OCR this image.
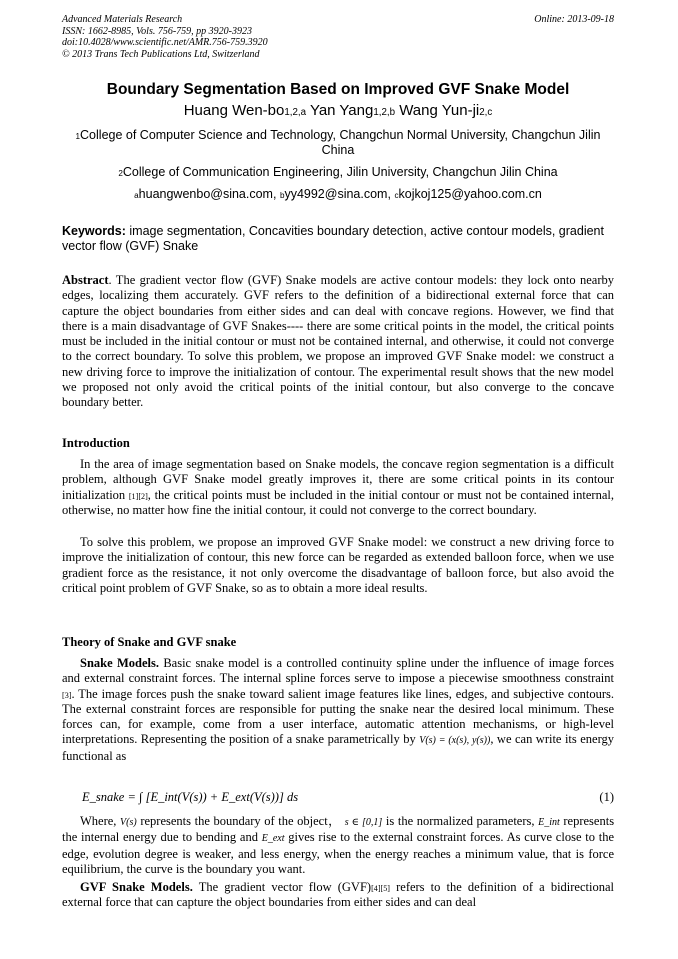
Advanced Materials Research
ISSN: 1662-8985, Vols. 756-759, pp 3920-3923
doi:10.4028/www.scientific.net/AMR.756-759.3920
© 2013 Trans Tech Publications Ltd, Switzerland
Online: 2013-09-18
Boundary Segmentation Based on Improved GVF Snake Model
Huang Wen-bo$^{1,2,a}$ Yan Yang$^{1,2,b}$ Wang Yun-ji$^{2,c}$
$^1$College of Computer Science and Technology, Changchun Normal University, Changchun Jilin
China
$^2$College of Communication Engineering, Jilin University, Changchun Jilin China
$^a$huangwenbo@sina.com, $^b$yy4992@sina.com, $^c$kojkoj125@yahoo.com.cn
Keywords: image segmentation, Concavities boundary detection, active contour models, gradient vector flow (GVF) Snake
Abstract. The gradient vector flow (GVF) Snake models are active contour models: they lock onto nearby edges, localizing them accurately. GVF refers to the definition of a bidirectional external force that can capture the object boundaries from either sides and can deal with concave regions. However, we find that there is a main disadvantage of GVF Snakes---- there are some critical points in the model, the critical points must be included in the initial contour or must not be contained internal, and otherwise, it could not converge to the correct boundary. To solve this problem, we propose an improved GVF Snake model: we construct a new driving force to improve the initialization of contour. The experimental result shows that the new model we proposed not only avoid the critical points of the initial contour, but also converge to the concave boundary better.
Introduction
In the area of image segmentation based on Snake models, the concave region segmentation is a difficult problem, although GVF Snake model greatly improves it, there are some critical points in its contour initialization [1][2], the critical points must be included in the initial contour or must not be contained internal, otherwise, no matter how fine the initial contour, it could not converge to the correct boundary.
To solve this problem, we propose an improved GVF Snake model: we construct a new driving force to improve the initialization of contour, this new force can be regarded as extended balloon force, when we use gradient force as the resistance, it not only overcome the disadvantage of balloon force, but also avoid the critical point problem of GVF Snake, so as to obtain a more ideal results.
Theory of Snake and GVF snake
Snake Models. Basic snake model is a controlled continuity spline under the influence of image forces and external constraint forces. The internal spline forces serve to impose a piecewise smoothness constraint [3]. The image forces push the snake toward salient image features like lines, edges, and subjective contours. The external constraint forces are responsible for putting the snake near the desired local minimum. These forces can, for example, come from a user interface, automatic attention mechanisms, or high-level interpretations. Representing the position of a snake parametrically by V(s) = (x(s), y(s)), we can write its energy functional as
E_snake = ∫ [E_int(V(s)) + E_ext(V(s))] ds	(1)
Where, V(s) represents the boundary of the object， s ∈ [0,1] is the normalized parameters, E_int represents the internal energy due to bending and E_ext gives rise to the external constraint forces. As curve close to the edge, evolution degree is weaker, and less energy, when the energy reaches a minimum value, that is force equilibrium, the curve is the boundary you want.
GVF Snake Models. The gradient vector flow (GVF)[4][5] refers to the definition of a bidirectional external force that can capture the object boundaries from either sides and can deal
